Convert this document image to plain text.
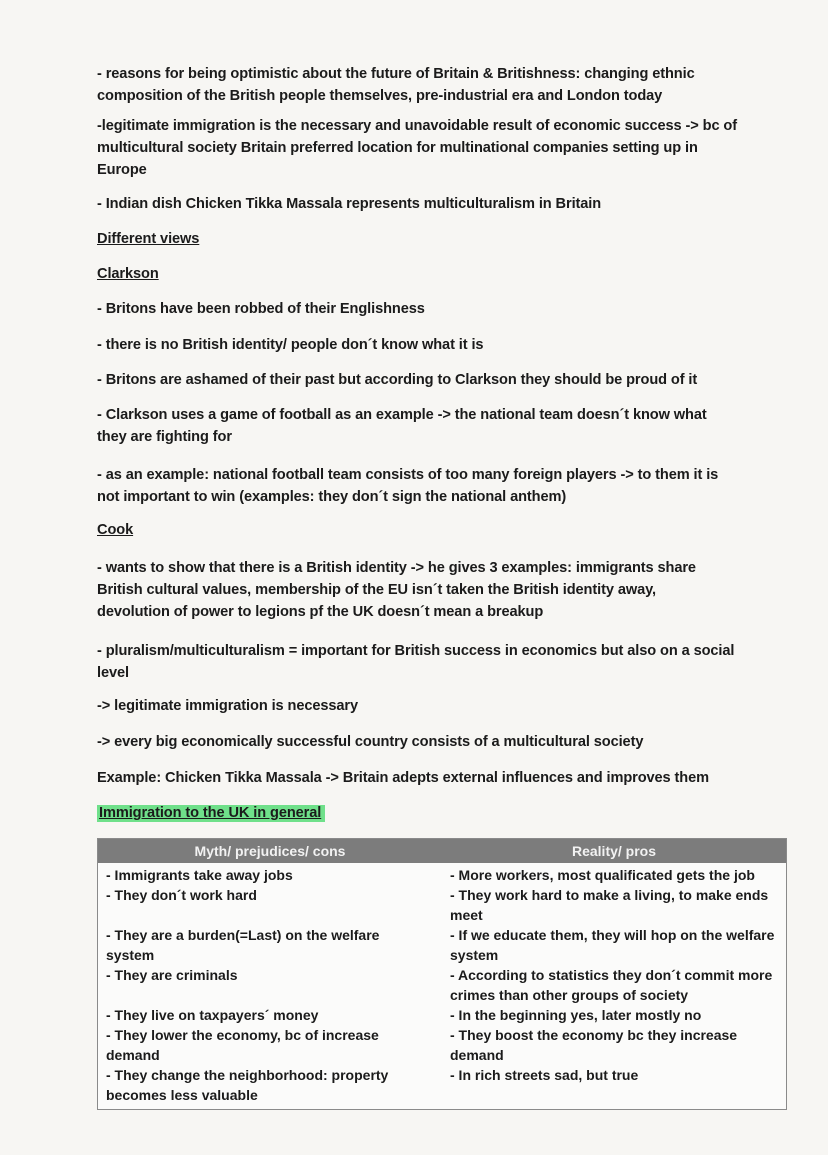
- reasons for being optimistic about the future of Britain & Britishness: changing ethnic
composition of the British people themselves, pre-industrial era and London today
-legitimate immigration is the necessary and unavoidable result of economic success -> bc of
multicultural society Britain preferred location for multinational companies setting up in
Europe
- Indian dish Chicken Tikka Massala represents multiculturalism in Britain
Different views
Clarkson
- Britons have been robbed of their Englishness
- there is no British identity/ people don´t know what it is
- Britons are ashamed of their past but according to Clarkson they should be proud of it
- Clarkson uses a game of football as an example -> the national team doesn´t know what
they are fighting for
- as an example: national football team consists of too many foreign players -> to them it is
not important to win (examples: they don´t sign the national anthem)
Cook
- wants to show that there is a British identity -> he gives 3 examples: immigrants share
British cultural values, membership of the EU isn´t taken the British identity away,
devolution of power to legions pf the UK doesn´t mean a breakup
- pluralism/multiculturalism = important for British success in economics but also on a social
level
-> legitimate immigration is necessary
-> every big economically successful country consists of a multicultural society
Example: Chicken Tikka Massala -> Britain adepts external influences and improves them
Immigration to the UK in general
Myth/ prejudices/ cons	Reality/ pros
- Immigrants take away jobs
- They don´t work hard
- They are a burden(=Last) on the welfare
system
- They are criminals
- They live on taxpayers´ money
- They lower the economy, bc of increase
demand
- They change the neighborhood: property
becomes less valuable
- More workers, most qualificated gets the job
- They work hard to make a living, to make ends
meet
- If we educate them, they will hop on the welfare
system
- According to statistics they don´t commit more
crimes than other groups of society
- In the beginning yes, later mostly no
- They boost the economy bc they increase
demand
- In rich streets sad, but true
